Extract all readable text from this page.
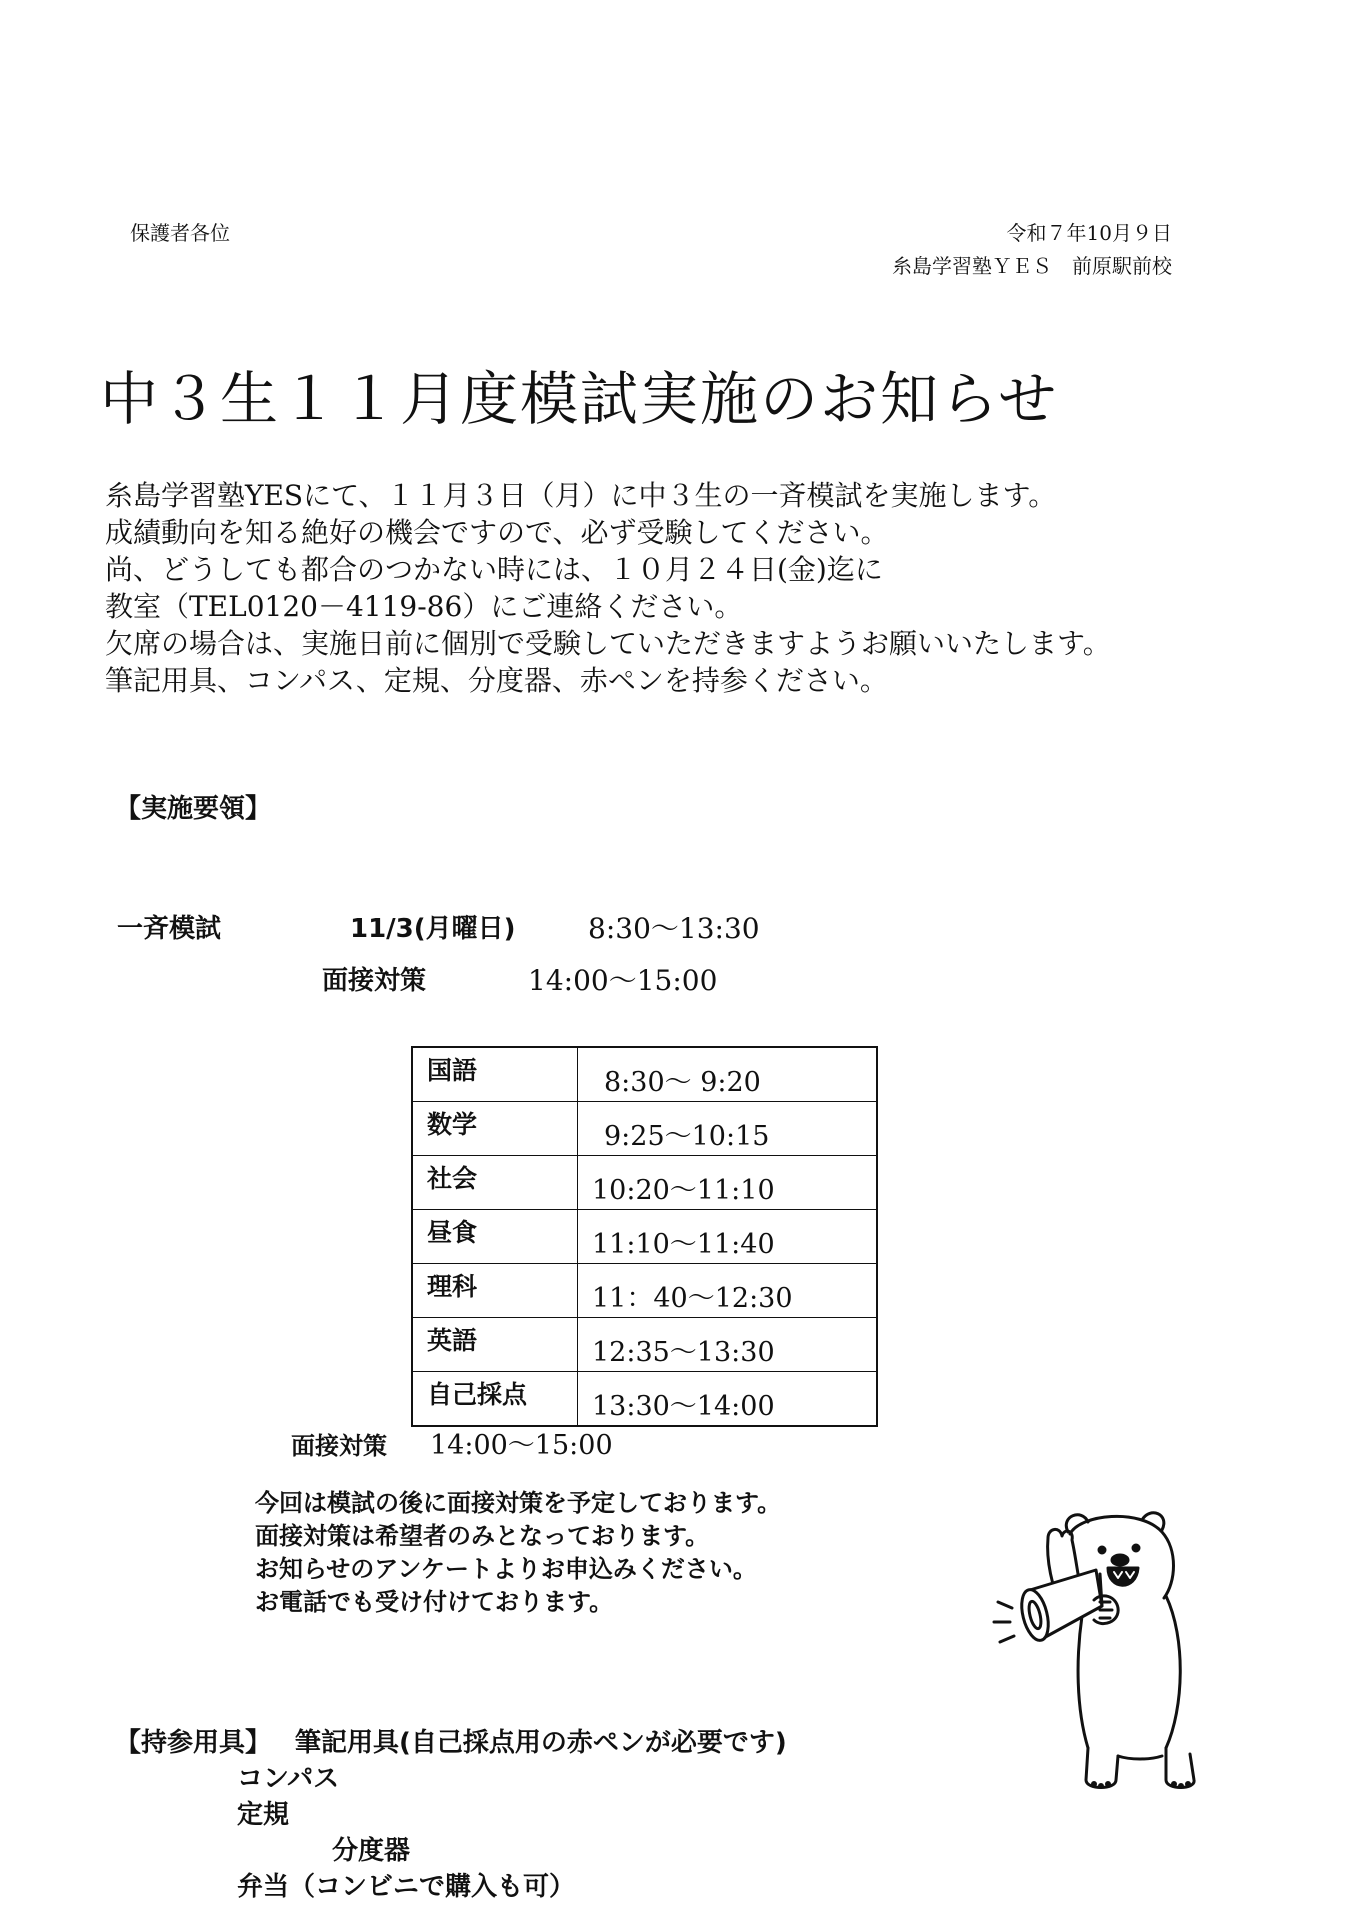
保護者各位	令和７年10月９日
糸島学習塾ＹＥＳ　前原駅前校
中３生１１月度模試実施のお知らせ
糸島学習塾YESにて、１１月３日（月）に中３生の一斉模試を実施します。
成績動向を知る絶好の機会ですので、必ず受験してください。
尚、どうしても都合のつかない時には、１０月２４日(金)迄に
教室（TEL0120－4119-86）にご連絡ください。
欠席の場合は、実施日前に個別で受験していただきますようお願いいたします。
筆記用具、コンパス、定規、分度器、赤ペンを持参ください。
【実施要領】
一斉模試	11/3(月曜日)	8:30～13:30
面接対策	14:00～15:00
国語	8:30～ 9:20
数学	9:25～10:15
社会	10:20～11:10
昼食	11:10～11:40
理科	11：40～12:30
英語	12:35～13:30
自己採点	13:30～14:00
面接対策 14:00～15:00
今回は模試の後に面接対策を予定しております。
面接対策は希望者のみとなっております。
お知らせのアンケートよりお申込みください。
お電話でも受け付けております。
【持参用具】 筆記用具(自己採点用の赤ペンが必要です)
コンパス
定規
分度器
弁当（コンビニで購入も可）
